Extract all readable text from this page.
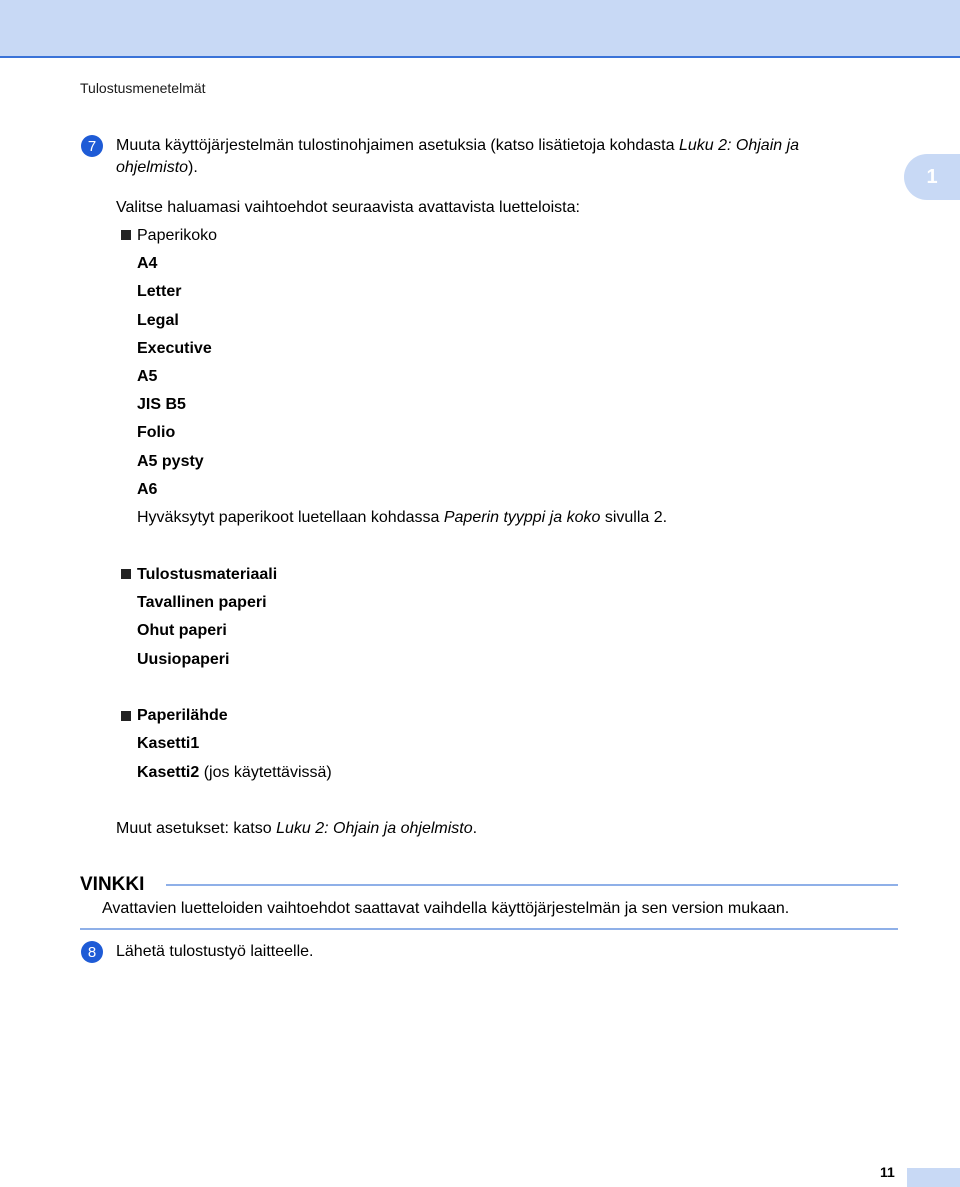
Tulostusmenetelmät
1
7	Muuta käyttöjärjestelmän tulostinohjaimen asetuksia (katso lisätietoja kohdasta Luku 2: Ohjain ja
ohjelmisto).
Valitse haluamasi vaihtoehdot seuraavista avattavista luetteloista:
Paperikoko
A4
Letter
Legal
Executive
A5
JIS B5
Folio
A5 pysty
A6
Hyväksytyt paperikoot luetellaan kohdassa Paperin tyyppi ja koko sivulla 2.
Tulostusmateriaali
Tavallinen paperi
Ohut paperi
Uusiopaperi
Paperilähde
Kasetti1
Kasetti2 (jos käytettävissä)
Muut asetukset: katso Luku 2: Ohjain ja ohjelmisto.
VINKKI
Avattavien luetteloiden vaihtoehdot saattavat vaihdella käyttöjärjestelmän ja sen version mukaan.
8	Lähetä tulostustyö laitteelle.
11
